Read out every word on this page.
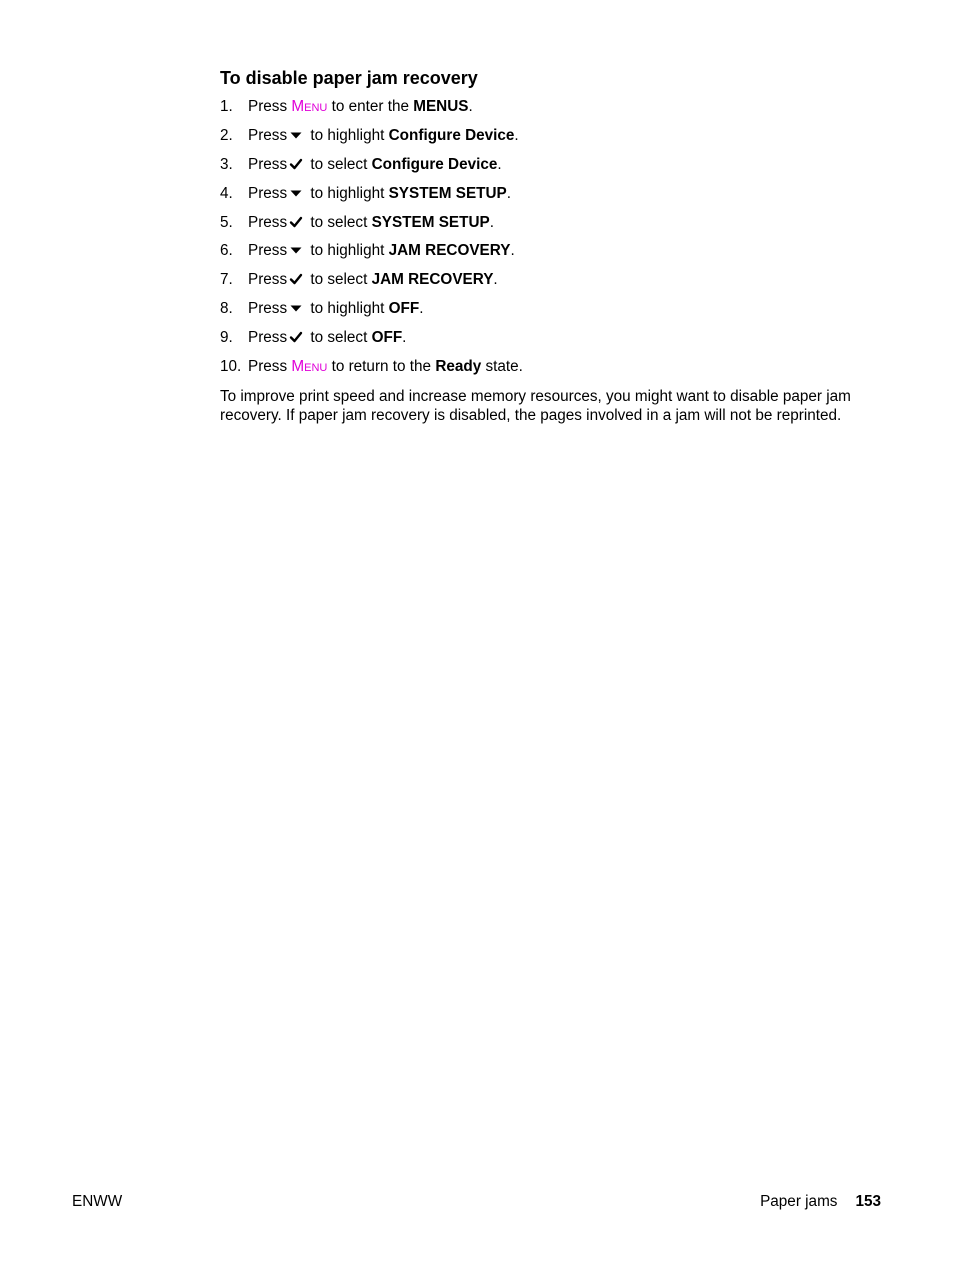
To disable paper jam recovery
1. Press Menu to enter the MENUS.
2. Press to highlight Configure Device.
3. Press to select Configure Device.
4. Press to highlight SYSTEM SETUP.
5. Press to select SYSTEM SETUP.
6. Press to highlight JAM RECOVERY.
7. Press to select JAM RECOVERY.
8. Press to highlight OFF.
9. Press to select OFF.
10. Press Menu to return to the Ready state.

To improve print speed and increase memory resources, you might want to disable paper jam recovery. If paper jam recovery is disabled, the pages involved in a jam will not be reprinted.

ENWW	Paper jams 153
